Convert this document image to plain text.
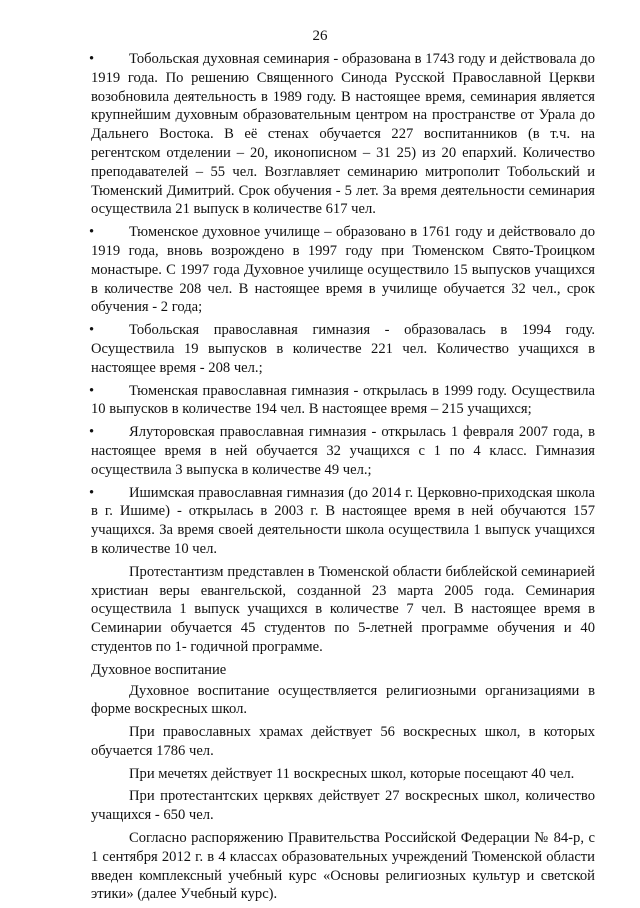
26
• Тобольская духовная семинария - образована в 1743 году и действовала до 1919 года. По решению Священного Синода Русской Православной Церкви возобновила деятельность в 1989 году. В настоящее время, семинария является крупнейшим духовным образовательным центром на пространстве от Урала до Дальнего Востока. В её стенах обучается 227 воспитанников (в т.ч. на регентском отделении – 20, иконописном – 31 25) из 20 епархий. Количество преподавателей – 55 чел. Возглавляет семинарию митрополит Тобольский и Тюменский Димитрий. Срок обучения - 5 лет. За время деятельности семинария осуществила 21 выпуск в количестве 617 чел.
• Тюменское духовное училище – образовано в 1761 году и действовало до 1919 года, вновь возрождено в 1997 году при Тюменском Свято-Троицком монастыре. С 1997 года Духовное училище осуществило 15 выпусков учащихся в количестве 208 чел. В настоящее время в училище обучается 32 чел., срок обучения - 2 года;
• Тобольская православная гимназия - образовалась в 1994 году. Осуществила 19 выпусков в количестве 221 чел. Количество учащихся в настоящее время - 208 чел.;
• Тюменская православная гимназия - открылась в 1999 году. Осуществила 10 выпусков в количестве 194 чел. В настоящее время – 215 учащихся;
• Ялуторовская православная гимназия - открылась 1 февраля 2007 года, в настоящее время в ней обучается 32 учащихся с 1 по 4 класс. Гимназия осуществила 3 выпуска в количестве 49 чел.;
• Ишимская православная гимназия (до 2014 г. Церковно-приходская школа в г. Ишиме) - открылась в 2003 г. В настоящее время в ней обучаются 157 учащихся. За время своей деятельности школа осуществила 1 выпуск учащихся в количестве 10 чел.

Протестантизм представлен в Тюменской области библейской семинарией христиан веры евангельской, созданной 23 марта 2005 года. Семинария осуществила 1 выпуск учащихся в количестве 7 чел. В настоящее время в Семинарии обучается 45 студентов по 5-летней программе обучения и 40 студентов по 1- годичной программе.

Духовное воспитание

Духовное воспитание осуществляется религиозными организациями в форме воскресных школ.

При православных храмах действует 56 воскресных школ, в которых обучается 1786 чел.

При мечетях действует 11 воскресных школ, которые посещают 40 чел.

При протестантских церквях действует 27 воскресных школ, количество учащихся - 650 чел.

Согласно распоряжению Правительства Российской Федерации № 84-р, с 1 сентября 2012 г. в 4 классах образовательных учреждений Тюменской области введен комплексный учебный курс «Основы религиозных культур и светской этики» (далее Учебный курс).
